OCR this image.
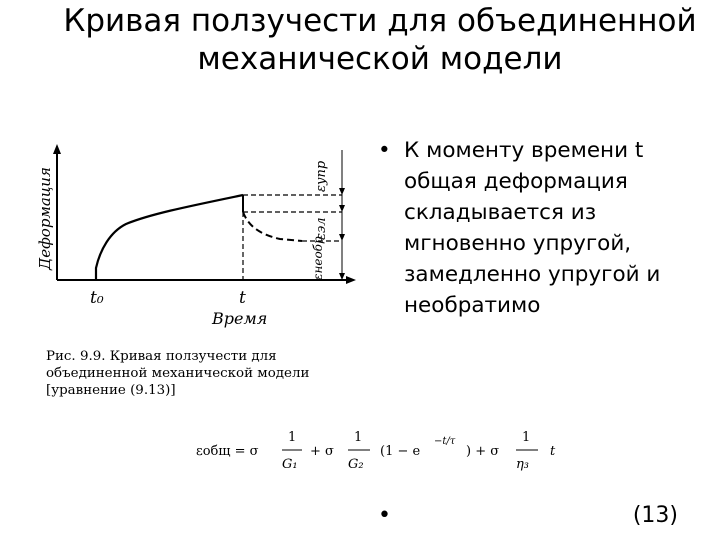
Кривая ползучести для объединенной механической модели
Деформация	εупр
εэл
εнеобр
t₀	t
Время
Рис. 9.9. Кривая ползучести для объединенной механической модели [уравнение (9.13)]
• К моменту времени t общая деформация складывается из мгновенно упругой, замедленно упругой и необратимо
εобщ = σ
1
G₁
+ σ
1
G₂
(1 − e
−t/τ
) + σ
1
η₃
t
•	(13)
